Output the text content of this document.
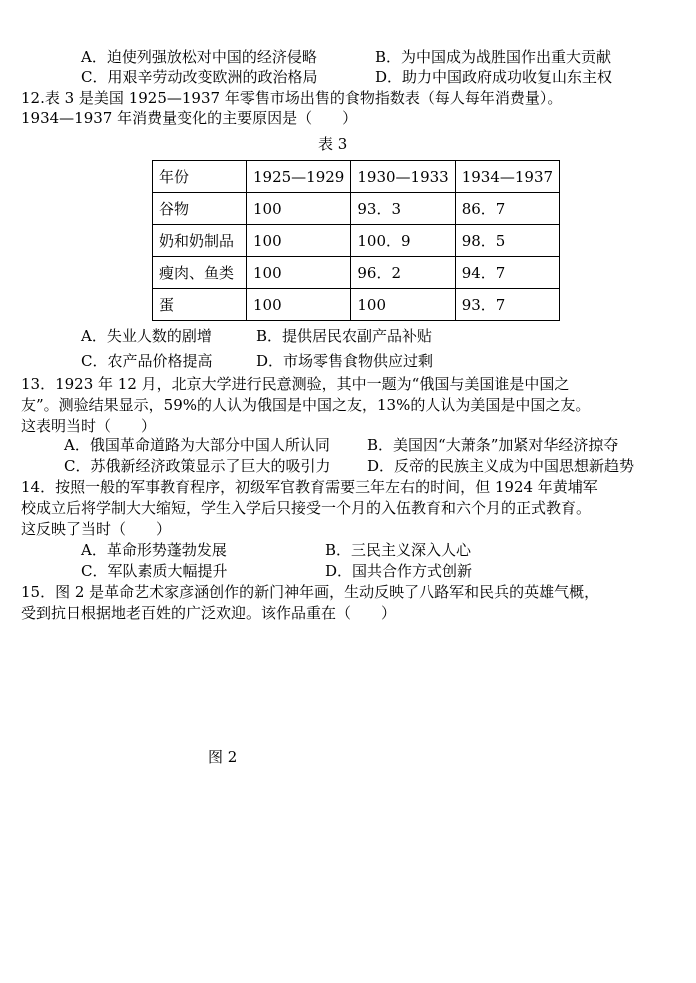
A．迫使列强放松对中国的经济侵略	B．为中国成为战胜国作出重大贡献
C．用艰辛劳动改变欧洲的政治格局	D．助力中国政府成功收复山东主权
12.表 3 是美国 1925—1937 年零售市场出售的食物指数表（每人每年消费量）。
1934—1937 年消费量变化的主要原因是（　　）
表 3
年份	1925—1929	1930—1933	1934—1937
谷物	100	93．3	86．7
奶和奶制品	100	100．9	98．5
瘦肉、鱼类	100	96．2	94．7
蛋	100	100	93．7
A．失业人数的剧增	B．提供居民农副产品补贴
C．农产品价格提高	D．市场零售食物供应过剩
13．1923 年 12 月，北京大学进行民意测验，其中一题为“俄国与美国谁是中国之
友”。测验结果显示，59%的人认为俄国是中国之友，13%的人认为美国是中国之友。
这表明当时（　　）
A．俄国革命道路为大部分中国人所认同 B．美国因“大萧条”加紧对华经济掠夺
C．苏俄新经济政策显示了巨大的吸引力 D．反帝的民族主义成为中国思想新趋势
14．按照一般的军事教育程序，初级军官教育需要三年左右的时间，但 1924 年黄埔军
校成立后将学制大大缩短，学生入学后只接受一个月的入伍教育和六个月的正式教育。
这反映了当时（　　）
A．革命形势蓬勃发展	B．三民主义深入人心
C．军队素质大幅提升	D．国共合作方式创新
15．图 2 是革命艺术家彦涵创作的新门神年画，生动反映了八路军和民兵的英雄气概，
受到抗日根据地老百姓的广泛欢迎。该作品重在（　　）
图 2
